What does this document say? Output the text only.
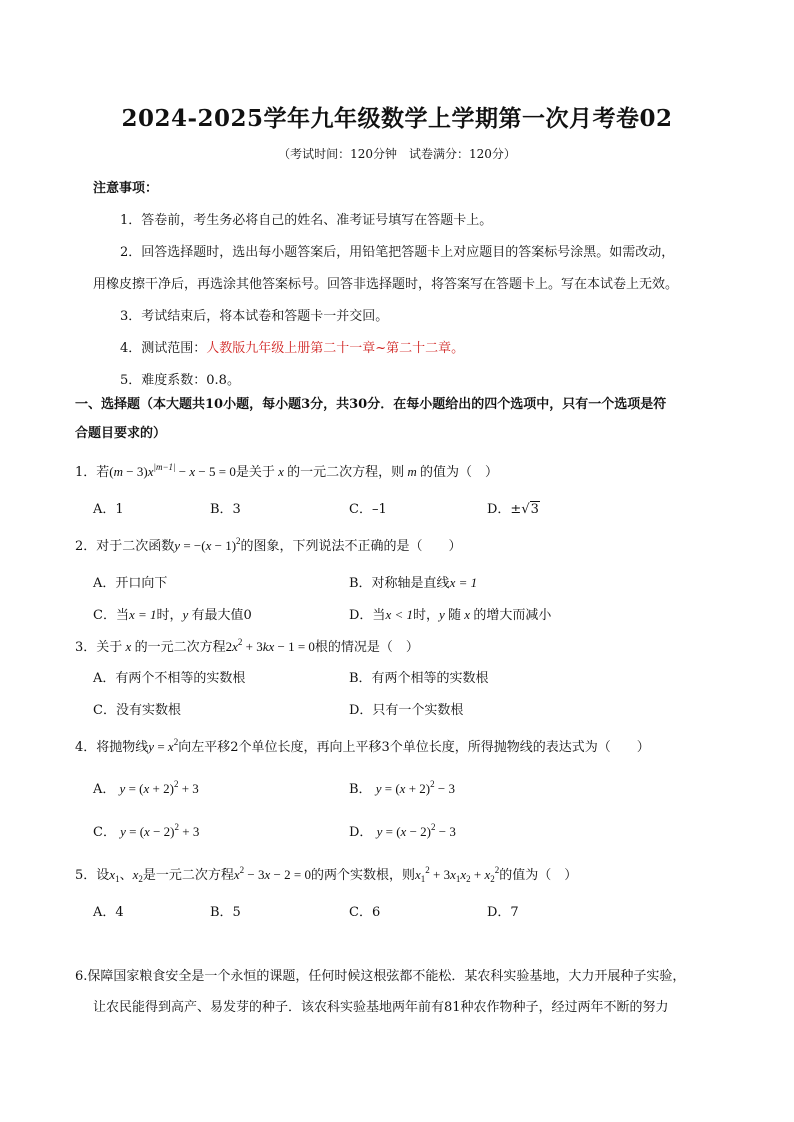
2024-2025学年九年级数学上学期第一次月考卷02
（考试时间：120分钟　试卷满分：120分）
注意事项：
1．答卷前，考生务必将自己的姓名、准考证号填写在答题卡上。
2．回答选择题时，选出每小题答案后，用铅笔把答题卡上对应题目的答案标号涂黑。如需改动，
用橡皮擦干净后，再选涂其他答案标号。回答非选择题时，将答案写在答题卡上。写在本试卷上无效。
3．考试结束后，将本试卷和答题卡一并交回。
4．测试范围：人教版九年级上册第二十一章~第二十二章。
5．难度系数：0.8。
一、选择题（本大题共10小题，每小题3分，共30分．在每小题给出的四个选项中，只有一个选项是符
合题目要求的）
1．若$(m - 3)x^{|m-1|} - x - 5 = 0$是关于 x 的一元二次方程，则 m 的值为（　）
A．1	B．3	C．–1	D．±√3
2．对于二次函数$y = -(x - 1)^2$的图象，下列说法不正确的是（　　）
A．开口向下	B．对称轴是直线x = 1
C．当x = 1时，y 有最大值0	D．当x < 1时，y 随 x 的增大而减小
3．关于 x 的一元二次方程$2x^2 + 3kx - 1 = 0$根的情况是（　）
A．有两个不相等的实数根	B．有两个相等的实数根
C．没有实数根	D．只有一个实数根
4．将抛物线$y = x^2$向左平移2个单位长度，再向上平移3个单位长度，所得抛物线的表达式为（　　）
A． $y = (x + 2)^2 + 3$	B． $y = (x + 2)^2 - 3$
C． $y = (x - 2)^2 + 3$	D． $y = (x - 2)^2 - 3$
5．设$x_1$、$x_2$是一元二次方程$x^2 - 3x - 2 = 0$的两个实数根，则$x_1^2 + 3x_1x_2 + x_2^2$的值为（　）
A．4	B．5	C．6	D．7
6.保障国家粮食安全是一个永恒的课题，任何时候这根弦都不能松．某农科实验基地，大力开展种子实验，
让农民能得到高产、易发芽的种子．该农科实验基地两年前有81种农作物种子，经过两年不断的努力
